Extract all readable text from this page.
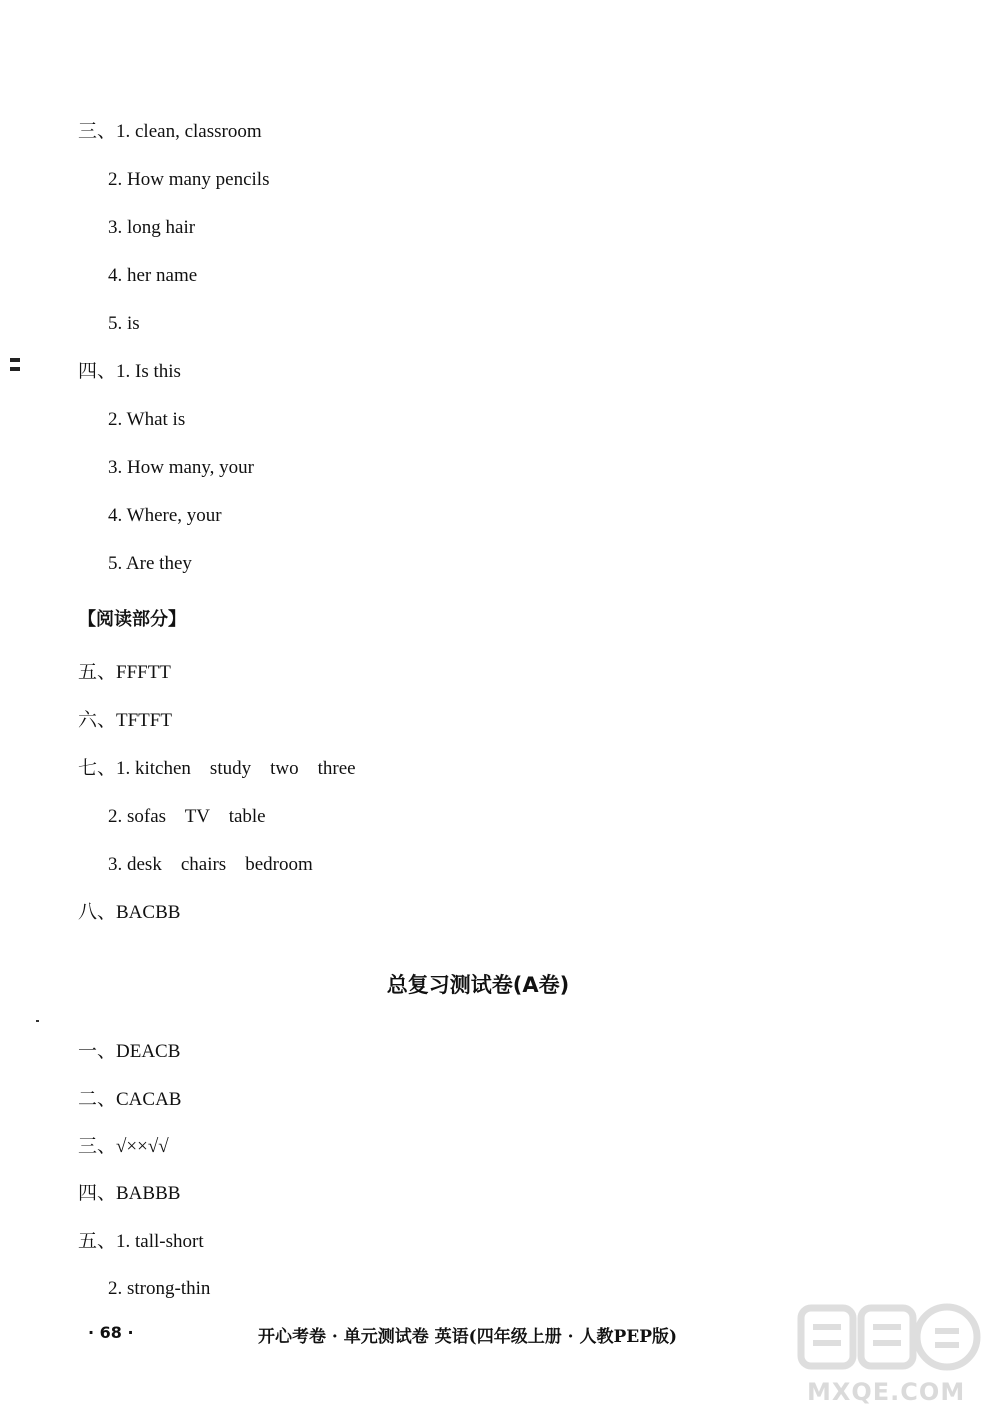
三、1. clean, classroom
2. How many pencils
3. long hair
4. her name
5. is
四、1. Is this
2. What is
3. How many, your
4. Where, your
5. Are they
五、FFFTT
六、TFTFT
七、1. kitchen    study    two    three
2. sofas    TV    table
3. desk    chairs    bedroom
八、BACBB
一、DEACB
二、CACAB
三、√××√√
四、BABBB
五、1. tall-short
2. strong-thin
【阅读部分】
总复习测试卷(A卷)
· 68 ·	开心考卷 · 单元测试卷 英语(四年级上册 · 人教PEP版)
MXQE.COM
